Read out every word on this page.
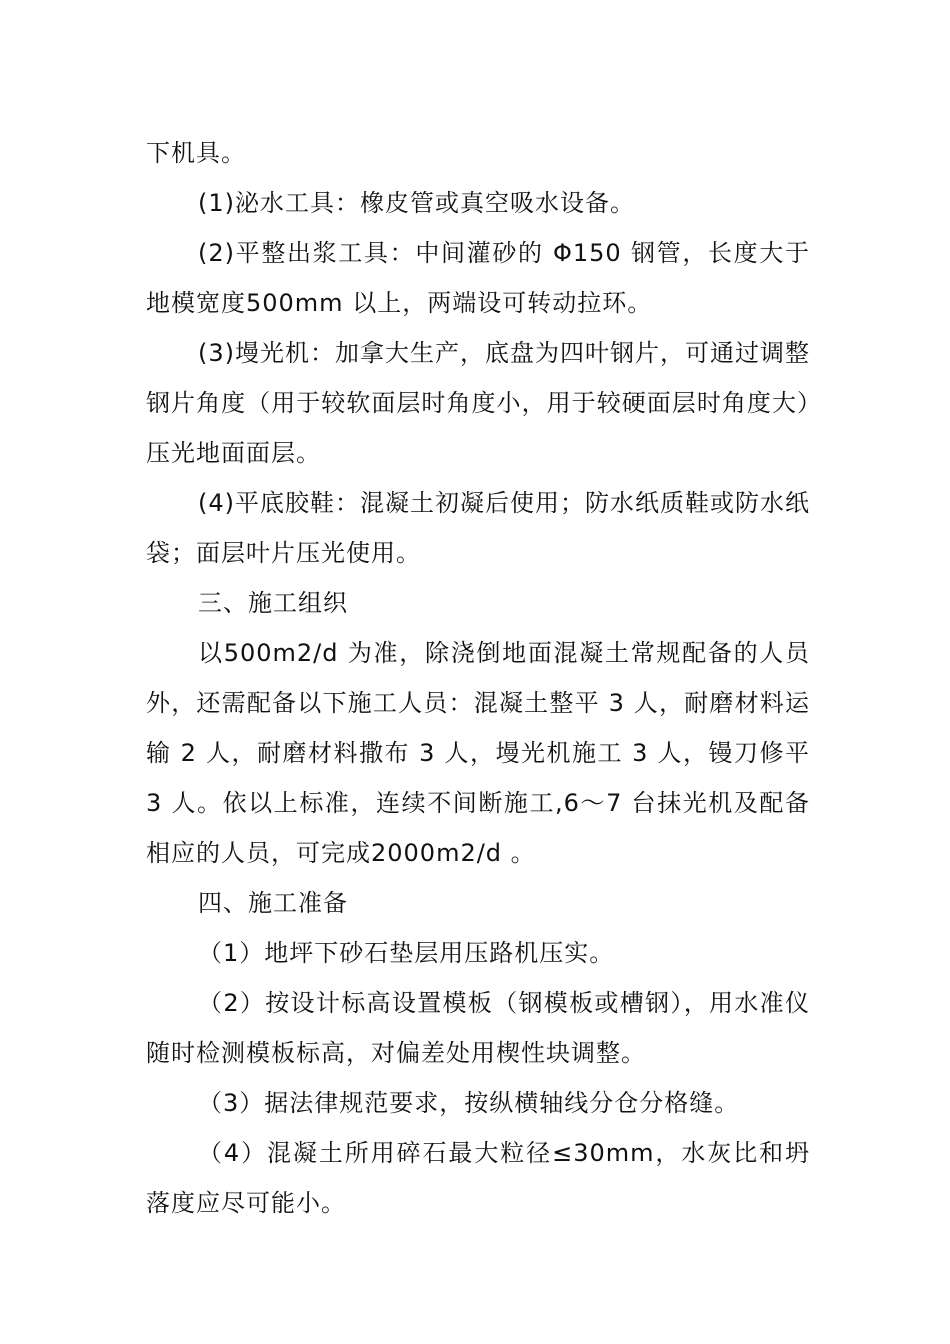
下机具。

(1)泌水工具：橡皮管或真空吸水设备。

(2)平整出浆工具：中间灌砂的 Φ150 钢管，长度大于地模宽度500mm 以上，两端设可转动拉环。

(3)墁光机：加拿大生产，底盘为四叶钢片，可通过调整钢片角度（用于较软面层时角度小，用于较硬面层时角度大）压光地面面层。

(4)平底胶鞋：混凝土初凝后使用；防水纸质鞋或防水纸袋；面层叶片压光使用。

三、施工组织

以500m2/d 为准，除浇倒地面混凝土常规配备的人员外，还需配备以下施工人员：混凝土整平 3 人，耐磨材料运输 2 人，耐磨材料撒布 3 人，墁光机施工 3 人，镘刀修平 3 人。依以上标准，连续不间断施工,6～7 台抹光机及配备相应的人员，可完成2000m2/d 。

四、施工准备

（1）地坪下砂石垫层用压路机压实。

（2）按设计标高设置模板（钢模板或槽钢），用水准仪随时检测模板标高，对偏差处用楔性块调整。

（3）据法律规范要求，按纵横轴线分仓分格缝。

（4）混凝土所用碎石最大粒径≤30mm，水灰比和坍落度应尽可能小。
